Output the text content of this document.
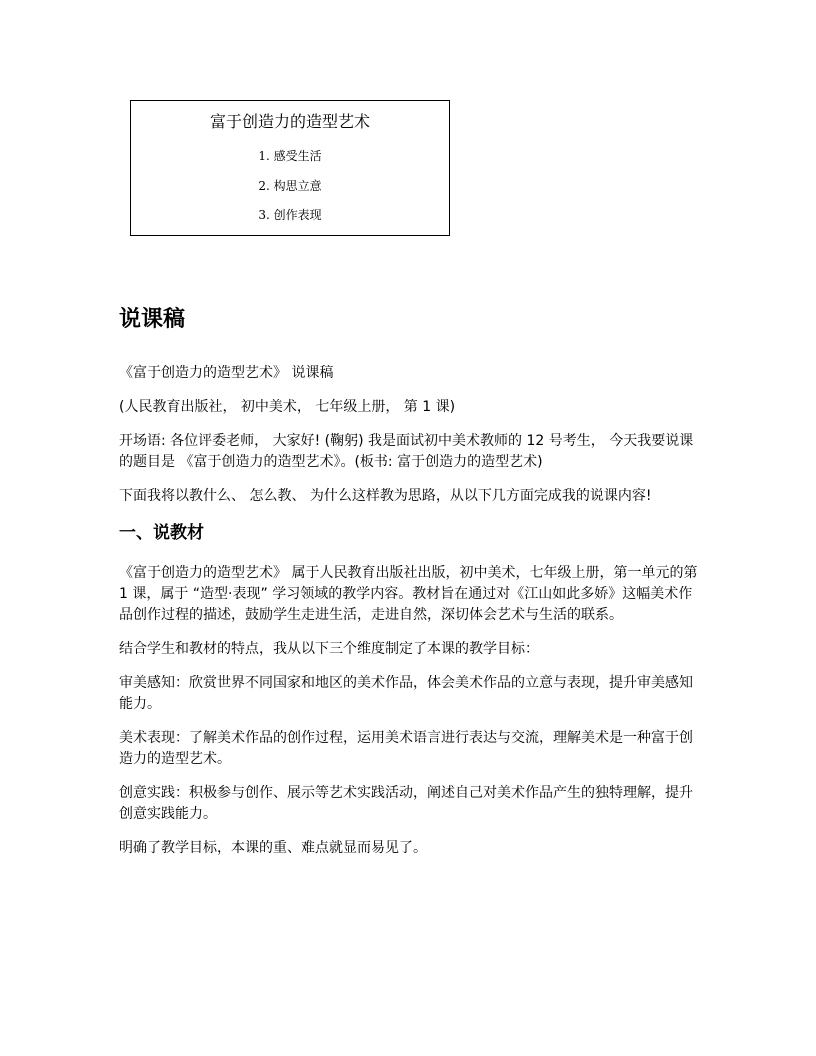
富于创造力的造型艺术
1. 感受生活
2. 构思立意
3. 创作表现
说课稿

《富于创造力的造型艺术》 说课稿

(人民教育出版社， 初中美术， 七年级上册， 第 1 课)

开场语: 各位评委老师， 大家好! (鞠躬) 我是面试初中美术教师的 12 号考生， 今天我要说课的题目是 《富于创造力的造型艺术》。(板书: 富于创造力的造型艺术)

下面我将以教什么、 怎么教、 为什么这样教为思路，从以下几方面完成我的说课内容!

一、说教材

《富于创造力的造型艺术》 属于人民教育出版社出版，初中美术，七年级上册，第一单元的第 1 课，属于 “造型·表现” 学习领域的教学内容。教材旨在通过对《江山如此多娇》这幅美术作品创作过程的描述，鼓励学生走进生活，走进自然，深切体会艺术与生活的联系。

结合学生和教材的特点，我从以下三个维度制定了本课的教学目标：

审美感知：欣赏世界不同国家和地区的美术作品，体会美术作品的立意与表现，提升审美感知能力。

美术表现：了解美术作品的创作过程，运用美术语言进行表达与交流，理解美术是一种富于创造力的造型艺术。

创意实践：积极参与创作、展示等艺术实践活动，阐述自己对美术作品产生的独特理解，提升创意实践能力。

明确了教学目标，本课的重、难点就显而易见了。
